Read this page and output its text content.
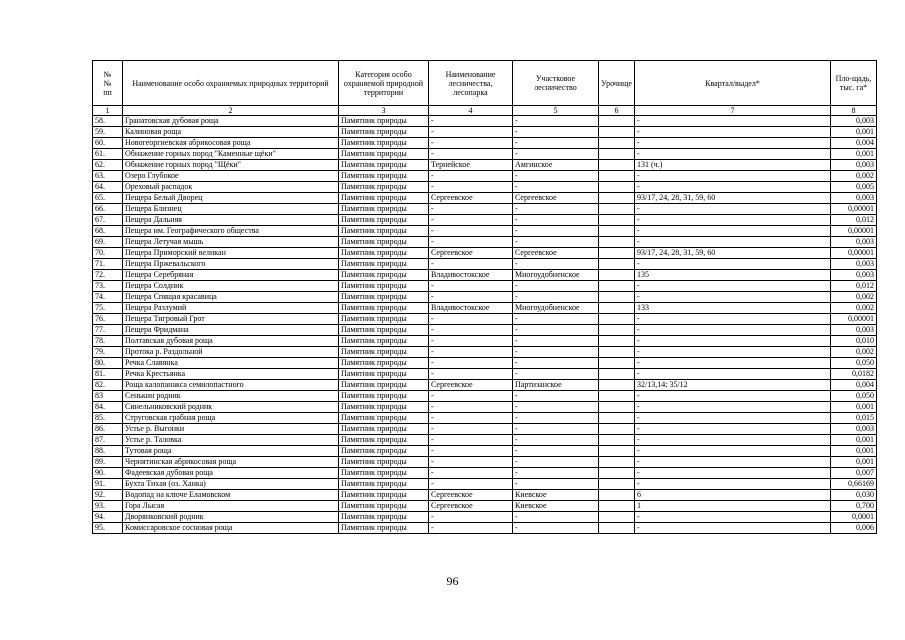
№
№
пп	Наименование особо охраняемых природных территорий	Категория особо охраняемой природной территории	Наименование лесничества, лесопарка	Участковое лесничество	Урочище	Квартал/выдел*	Пло-щадь, тыс. га*
1	2	3	4	5	6	7	8
58.	Гранатовская дубовая роща	Памятник природы	-	-		-	0,003
59.	Калиновая роща	Памятник природы	-	-		-	0,001
60.	Новогеоргиевская абрикосовая роща	Памятник природы	-	-		-	0,004
61.	Обнажение горных пород "Каменные щёки"	Памятник природы	-	-		-	0,001
62.	Обнажение горных пород "Щёки"	Памятник природы	Тернейское	Амгинское		131 (ч.)	0,003
63.	Озеро Глубокое	Памятник природы	-	-		-	0,002
64.	Ореховый распадок	Памятник природы	-	-		-	0,005
65.	Пещера Белый Дворец	Памятник природы	Сергеевское	Сергеевское		93/17, 24, 28, 31, 59, 60	0,003
66.	Пещера Близнец	Памятник природы	-	-		-	0,00001
67.	Пещера Дальняя	Памятник природы	-	-		-	0,012
68.	Пещера им. Географического общества	Памятник природы	-	-		-	0,00001
69.	Пещера Летучая мышь	Памятник природы	-	-		-	0,003
70.	Пещера Приморский великан	Памятник природы	Сергеевское	Сергеевское		93/17, 24, 28, 31, 59, 60	0,00001
71.	Пещера Пржевальского	Памятник природы	-	-		-	0,003
72.	Пещера Серебряная	Памятник природы	Владивостокское	Многоудобненское		135	0,003
73.	Пещера Солдник	Памятник природы	-	-		-	0,012
74.	Пещера Спящая красавица	Памятник природы	-	-		-	0,002
75.	Пещера Разлумий	Памятник природы	Владивостокское	Многоудобненское		133	0,002
76.	Пещера Тигровый Грот	Памятник природы	-	-		-	0,00001
77.	Пещера Фридмана	Памятник природы	-	-		-	0,003
78.	Полтавская дубовая роща	Памятник природы	-	-		-	0,010
79.	Протока р. Раздольной	Памятник природы	-	-		-	0,002
80.	Речка Славянка	Памятник природы	-	-		-	0,050
81.	Речка Крестьянка	Памятник природы	-	-		-	0,0182
82.	Роща калопанакса семилопастного	Памятник природы	Сергеевское	Партизанское		32/13,14; 35/12	0,004
83	Сенькин родник	Памятник природы	-	-		-	0,050
84.	Синельниковский родник	Памятник природы	-	-		-	0,001
85.	Струговская грабная роща	Памятник природы	-	-		-	0,015
86.	Устье р. Выгонки	Памятник природы	-	-		-	0,003
87.	Устье р. Таловка	Памятник природы	-	-		-	0,001
88.	Тутовая роща	Памятник природы	-	-		-	0,001
89.	Чернятинская абрикосовая роща	Памятник природы	-	-		-	0,001
90.	Фадеевская дубовая роща	Памятник природы	-	-		-	0,007
91.	Бухта Тихая (оз. Ханка)	Памятник природы	-	-		-	0,66169
92.	Водопад на ключе Еламовском	Памятник природы	Сергеевское	Киевское		6	0,030
93.	Гора Лысая	Памятник природы	Сергеевское	Киевское		1	0,700
94.	Дворянковский родник	Памятник природы	-	-		-	0,0001
95.	Комиссаровское сосновая роща	Памятник природы	-	-		-	0,006
96
